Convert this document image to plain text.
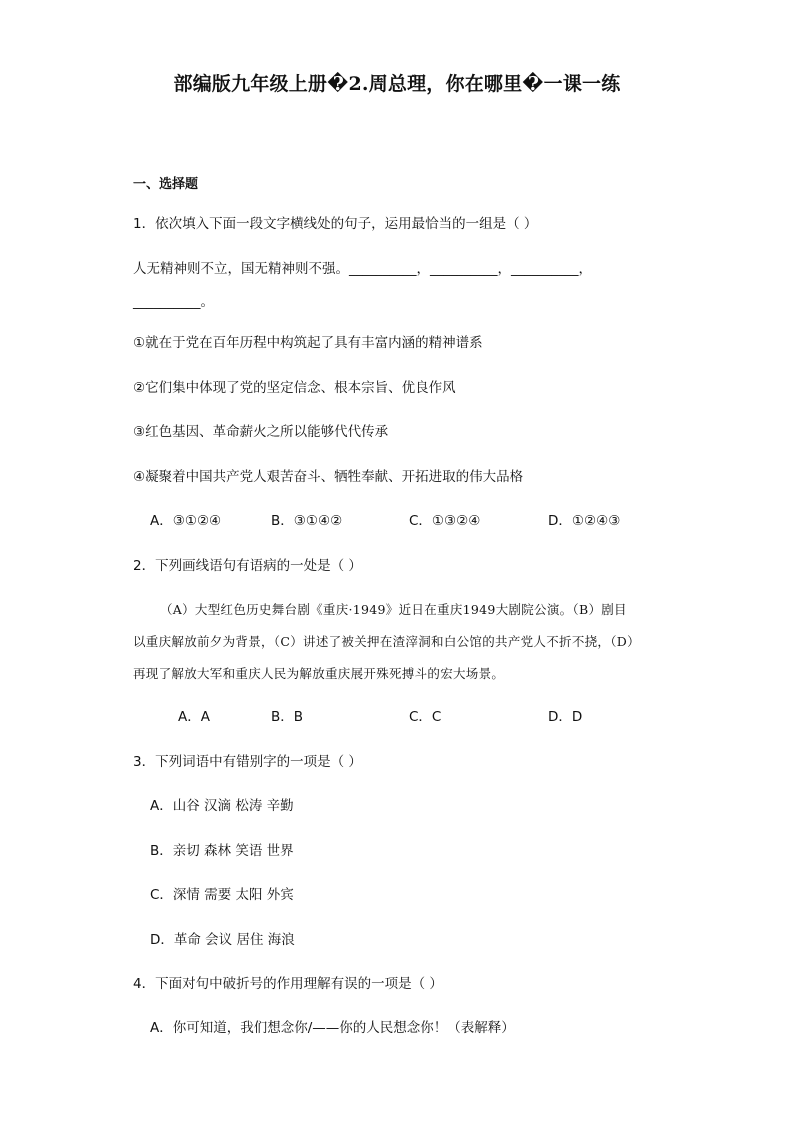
部编版九年级上册�2.周总理，你在哪里�一课一练
一、选择题
1．依次填入下面一段文字横线处的句子，运用最恰当的一组是（ ）
人无精神则不立，国无精神则不强。__________，__________，__________，
__________。
①就在于党在百年历程中构筑起了具有丰富内涵的精神谱系
②它们集中体现了党的坚定信念、根本宗旨、优良作风
③红色基因、革命薪火之所以能够代代传承
④凝聚着中国共产党人艰苦奋斗、牺牲奉献、开拓进取的伟大品格
A．③①②④	B．③①④②	C．①③②④	D．①②④③
2．下列画线语句有语病的一处是（ ）
（A）大型红色历史舞台剧《重庆·1949》近日在重庆1949大剧院公演。（B）剧目
以重庆解放前夕为背景，（C）讲述了被关押在渣滓洞和白公馆的共产党人不折不挠，（D）
再现了解放大军和重庆人民为解放重庆展开殊死搏斗的宏大场景。
A．A	B．B	C．C	D．D
3．下列词语中有错别字的一项是（ ）
A．山谷 汉滴 松涛 辛勤
B．亲切 森林 笑语 世界
C．深情 需要 太阳 外宾
D．革命 会议 居住 海浪
4．下面对句中破折号的作用理解有误的一项是（ ）
A．你可知道，我们想念你/——你的人民想念你！（表解释）
